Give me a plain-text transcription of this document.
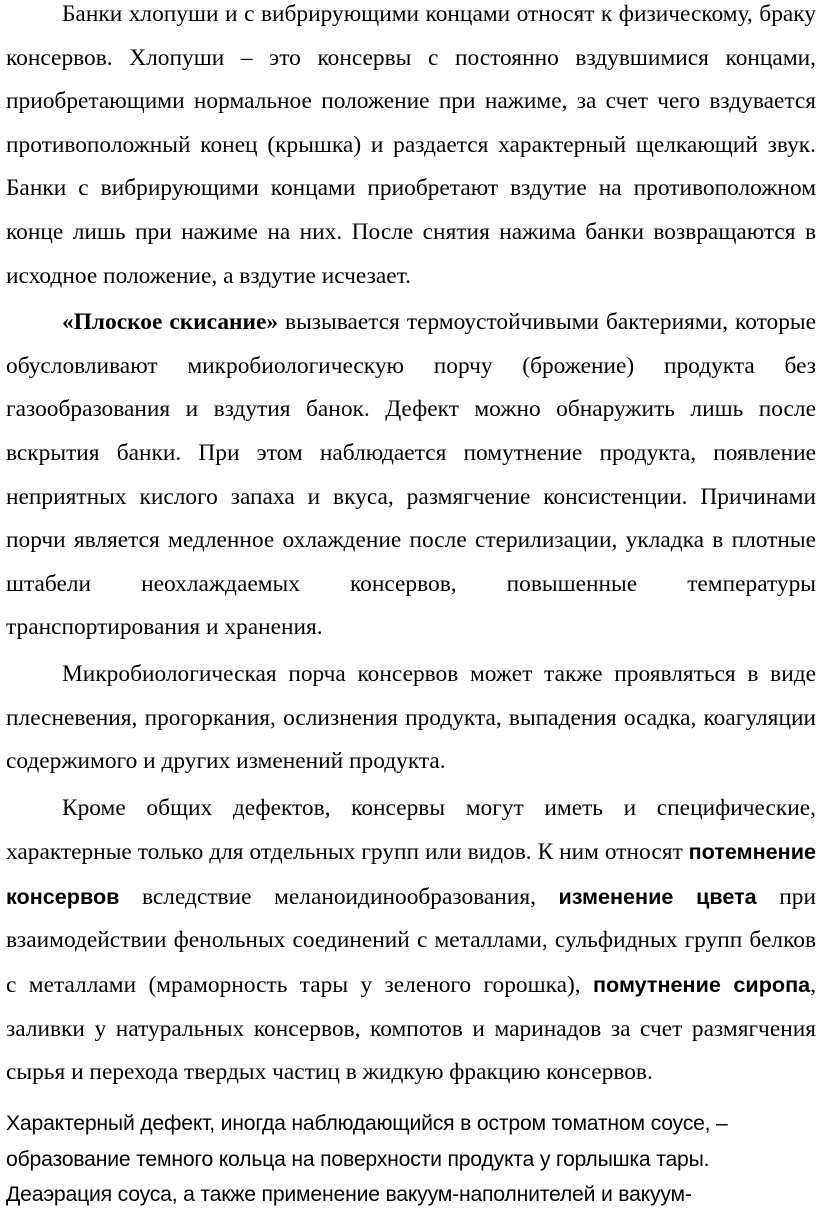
Банки хлопуши и с вибрирующими концами относят к физическому, браку консервов. Хлопуши – это консервы с постоянно вздувшимися концами, приобретающими нормальное положение при нажиме, за счет чего вздувается противоположный конец (крышка) и раздается характерный щелкающий звук. Банки с вибрирующими концами приобретают вздутие на противоположном конце лишь при нажиме на них. После снятия нажима банки возвращаются в исходное положение, а вздутие исчезает.

«Плоское скисание» вызывается термоустойчивыми бактериями, которые обусловливают микробиологическую порчу (брожение) продукта без газообразования и вздутия банок. Дефект можно обнаружить лишь после вскрытия банки. При этом наблюдается помутнение продукта, появление неприятных кислого запаха и вкуса, размягчение консистенции. Причинами порчи является медленное охлаждение после стерилизации, укладка в плотные штабели неохлаждаемых консервов, повышенные температуры транспортирования и хранения.

Микробиологическая порча консервов может также проявляться в виде плесневения, прогоркания, ослизнения продукта, выпадения осадка, коагуляции содержимого и других изменений продукта.

Кроме общих дефектов, консервы могут иметь и специфические, характерные только для отдельных групп или видов. К ним относят потемнение консервов вследствие меланоидинообразования, изменение цвета при взаимодействии фенольных соединений с металлами, сульфидных групп белков с металлами (мраморность тары у зеленого горошка), помутнение сиропа, заливки у натуральных консервов, компотов и маринадов за счет размягчения сырья и перехода твердых частиц в жидкую фракцию консервов.

Характерный дефект, иногда наблюдающийся в остром томатном соусе, –
образование темного кольца на поверхности продукта у горлышка тары.
Деаэрация соуса, а также применение вакуум-наполнителей и вакуум-
